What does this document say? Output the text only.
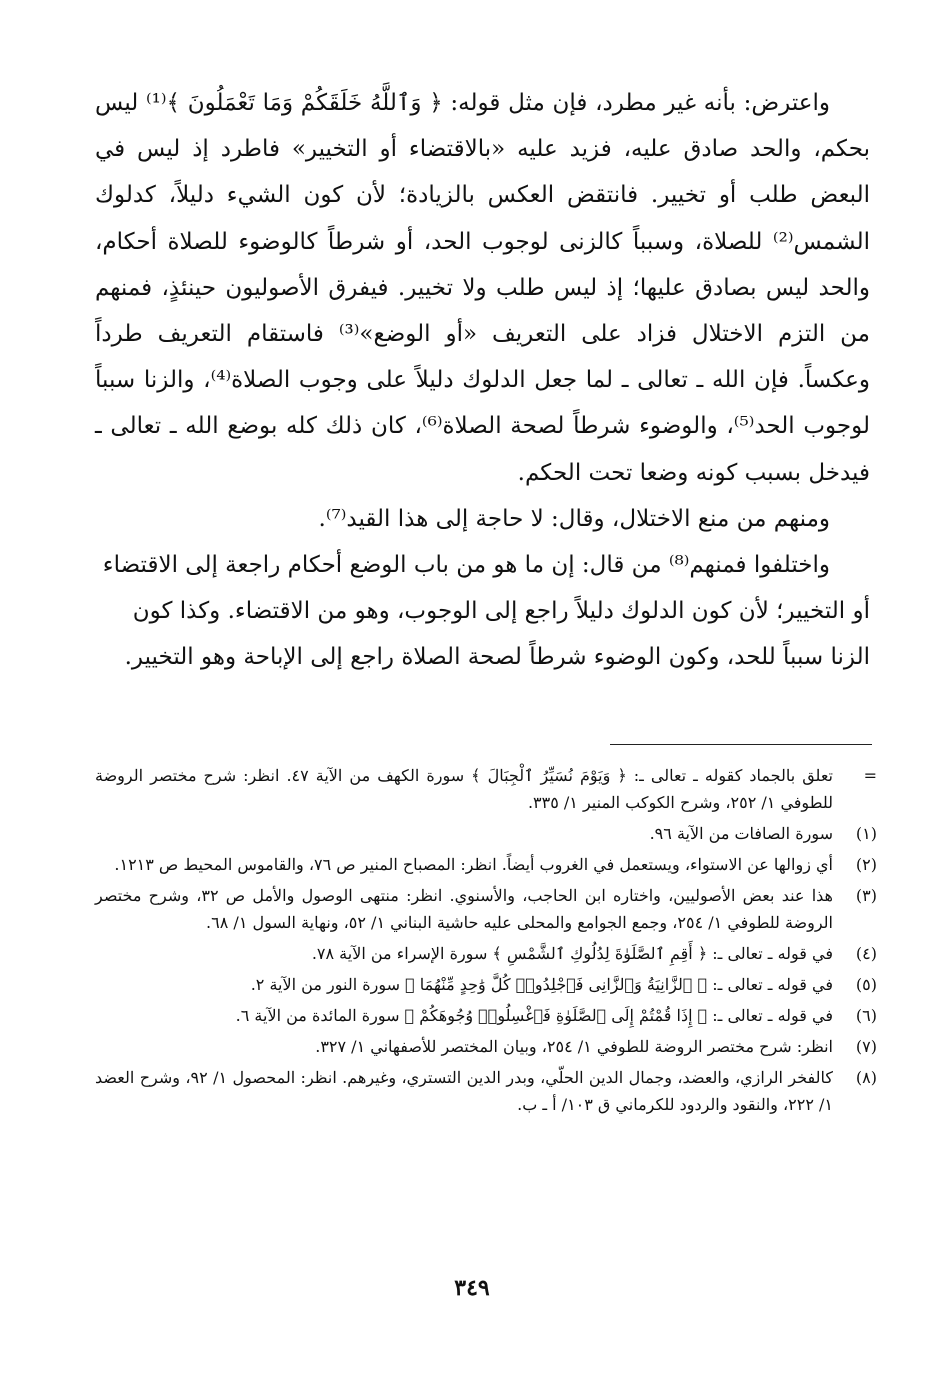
واعترض: بأنه غير مطرد، فإن مثل قوله: ﴿ وَٱللَّهُ خَلَقَكُمْ وَمَا تَعْمَلُونَ ﴾⁽¹⁾ ليس بحكم، والحد صادق عليه، فزيد عليه «بالاقتضاء أو التخيير» فاطرد إذ ليس في البعض طلب أو تخيير. فانتقض العكس بالزيادة؛ لأن كون الشيء دليلاً، كدلوك الشمس⁽²⁾ للصلاة، وسبباً كالزنى لوجوب الحد، أو شرطاً كالوضوء للصلاة أحكام، والحد ليس بصادق عليها؛ إذ ليس طلب ولا تخيير. فيفرق الأصوليون حينئذٍ، فمنهم من التزم الاختلال فزاد على التعريف «أو الوضع»⁽³⁾ فاستقام التعريف طرداً وعكساً. فإن الله ـ تعالى ـ لما جعل الدلوك دليلاً على وجوب الصلاة⁽⁴⁾، والزنا سبباً لوجوب الحد⁽⁵⁾، والوضوء شرطاً لصحة الصلاة⁽⁶⁾، كان ذلك كله بوضع الله ـ تعالى ـ فيدخل بسبب كونه وضعا تحت الحكم.

ومنهم من منع الاختلال، وقال: لا حاجة إلى هذا القيد⁽⁷⁾.

واختلفوا فمنهم⁽⁸⁾ من قال: إن ما هو من باب الوضع أحكام راجعة إلى الاقتضاء أو التخيير؛ لأن كون الدلوك دليلاً راجع إلى الوجوب، وهو من الاقتضاء. وكذا كون الزنا سبباً للحد، وكون الوضوء شرطاً لصحة الصلاة راجع إلى الإباحة وهو التخيير.

=
تعلق بالجماد كقوله ـ تعالى ـ: ﴿ وَيَوْمَ نُسَيِّرُ ٱلْجِبَالَ ﴾ سورة الكهف من الآية ٤٧. انظر: شرح مختصر الروضة للطوفي ١/ ٢٥٢، وشرح الكوكب المنير ١/ ٣٣٥.
(١)
سورة الصافات من الآية ٩٦.
(٢)
أي زوالها عن الاستواء، ويستعمل في الغروب أيضاً. انظر: المصباح المنير ص ٧٦، والقاموس المحيط ص ١٢١٣.
(٣)
هذا عند بعض الأصوليين، واختاره ابن الحاجب، والأسنوي. انظر: منتهى الوصول والأمل ص ٣٢، وشرح مختصر الروضة للطوفي ١/ ٢٥٤، وجمع الجوامع والمحلى عليه حاشية البناني ١/ ٥٢، ونهاية السول ١/ ٦٨.
(٤)
في قوله ـ تعالى ـ: ﴿ أَقِمِ ٱلصَّلَوٰةَ لِدُلُوكِ ٱلشَّمْسِ ﴾ سورة الإسراء من الآية ٧٨.
(٥)
في قوله ـ تعالى ـ: ﴿ ٱلزَّانِيَةُ وَٱلزَّانِى فَٱجْلِدُوا۟ كُلَّ وَٰحِدٍ مِّنْهُمَا ﴾ سورة النور من الآية ٢.
(٦)
في قوله ـ تعالى ـ: ﴿ إِذَا قُمْتُمْ إِلَى ٱلصَّلَوٰةِ فَٱغْسِلُوا۟ وُجُوهَكُمْ ﴾ سورة المائدة من الآية ٦.
(٧)
انظر: شرح مختصر الروضة للطوفي ١/ ٢٥٤، وبيان المختصر للأصفهاني ١/ ٣٢٧.
(٨)
كالفخر الرازي، والعضد، وجمال الدين الحلّي، وبدر الدين التستري، وغيرهم. انظر: المحصول ١/ ٩٢، وشرح العضد ١/ ٢٢٢، والنقود والردود للكرماني ق ١٠٣/ أ ـ ب.
٣٤٩
